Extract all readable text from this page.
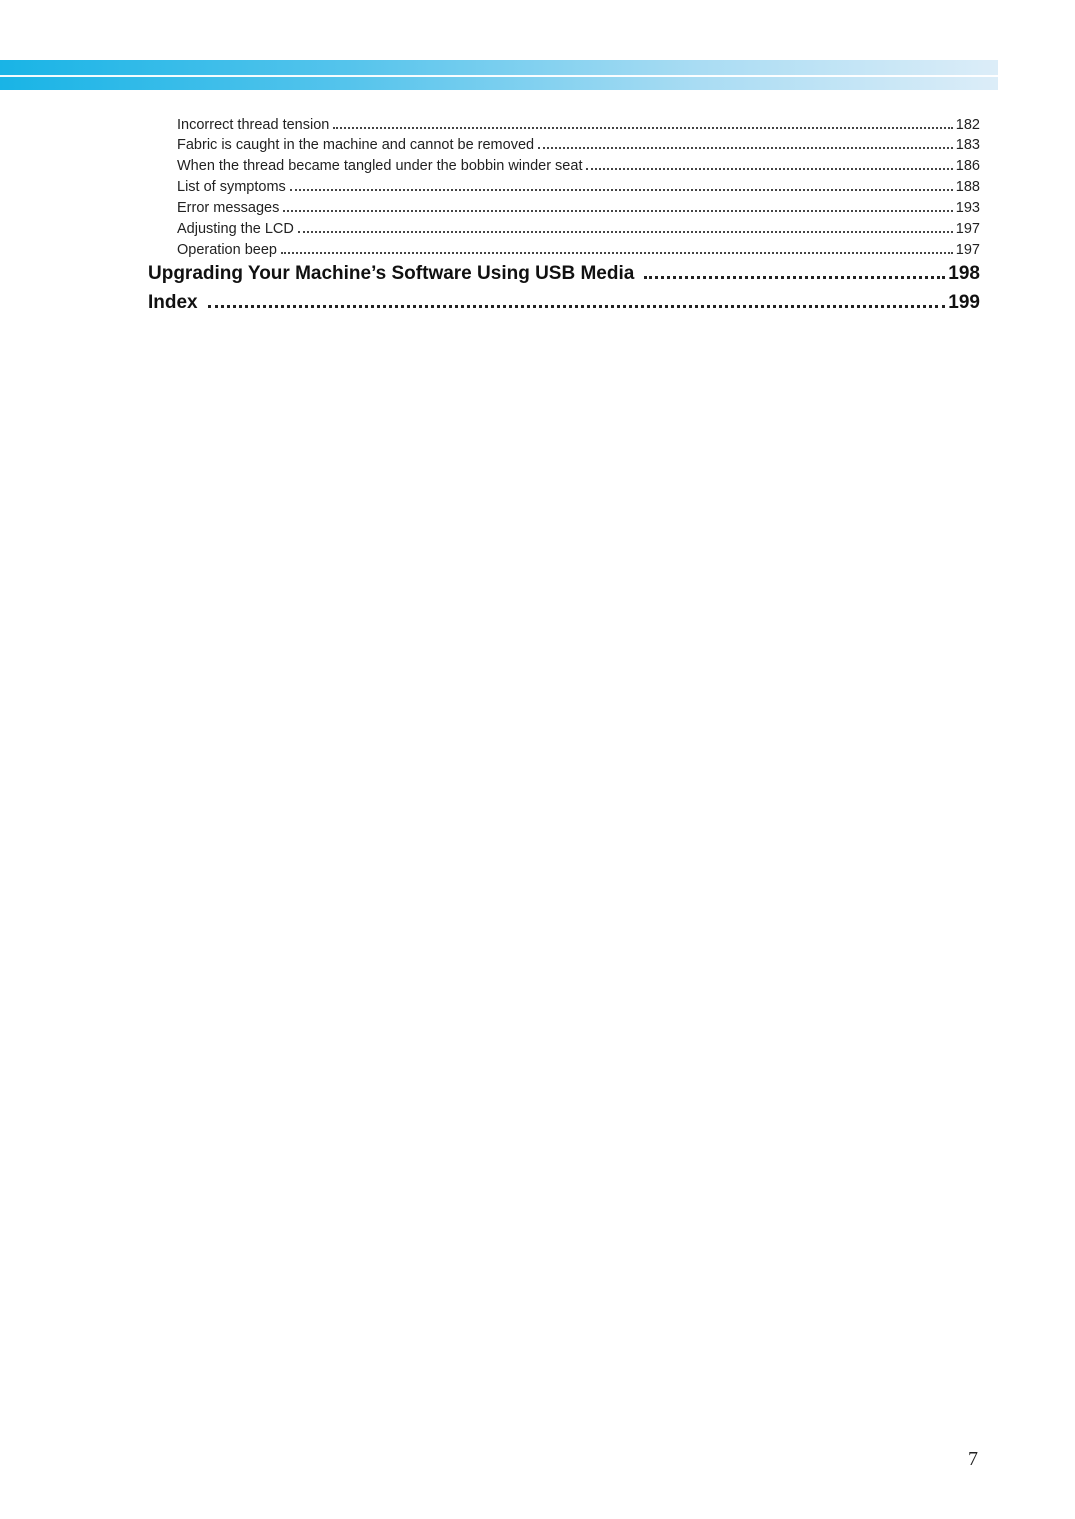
Incorrect thread tension	182
Fabric is caught in the machine and cannot be removed	183
When the thread became tangled under the bobbin winder seat	186
List of symptoms	188
Error messages	193
Adjusting the LCD	197
Operation beep	197
Upgrading Your Machine’s Software Using USB Media	198
Index	199
7
